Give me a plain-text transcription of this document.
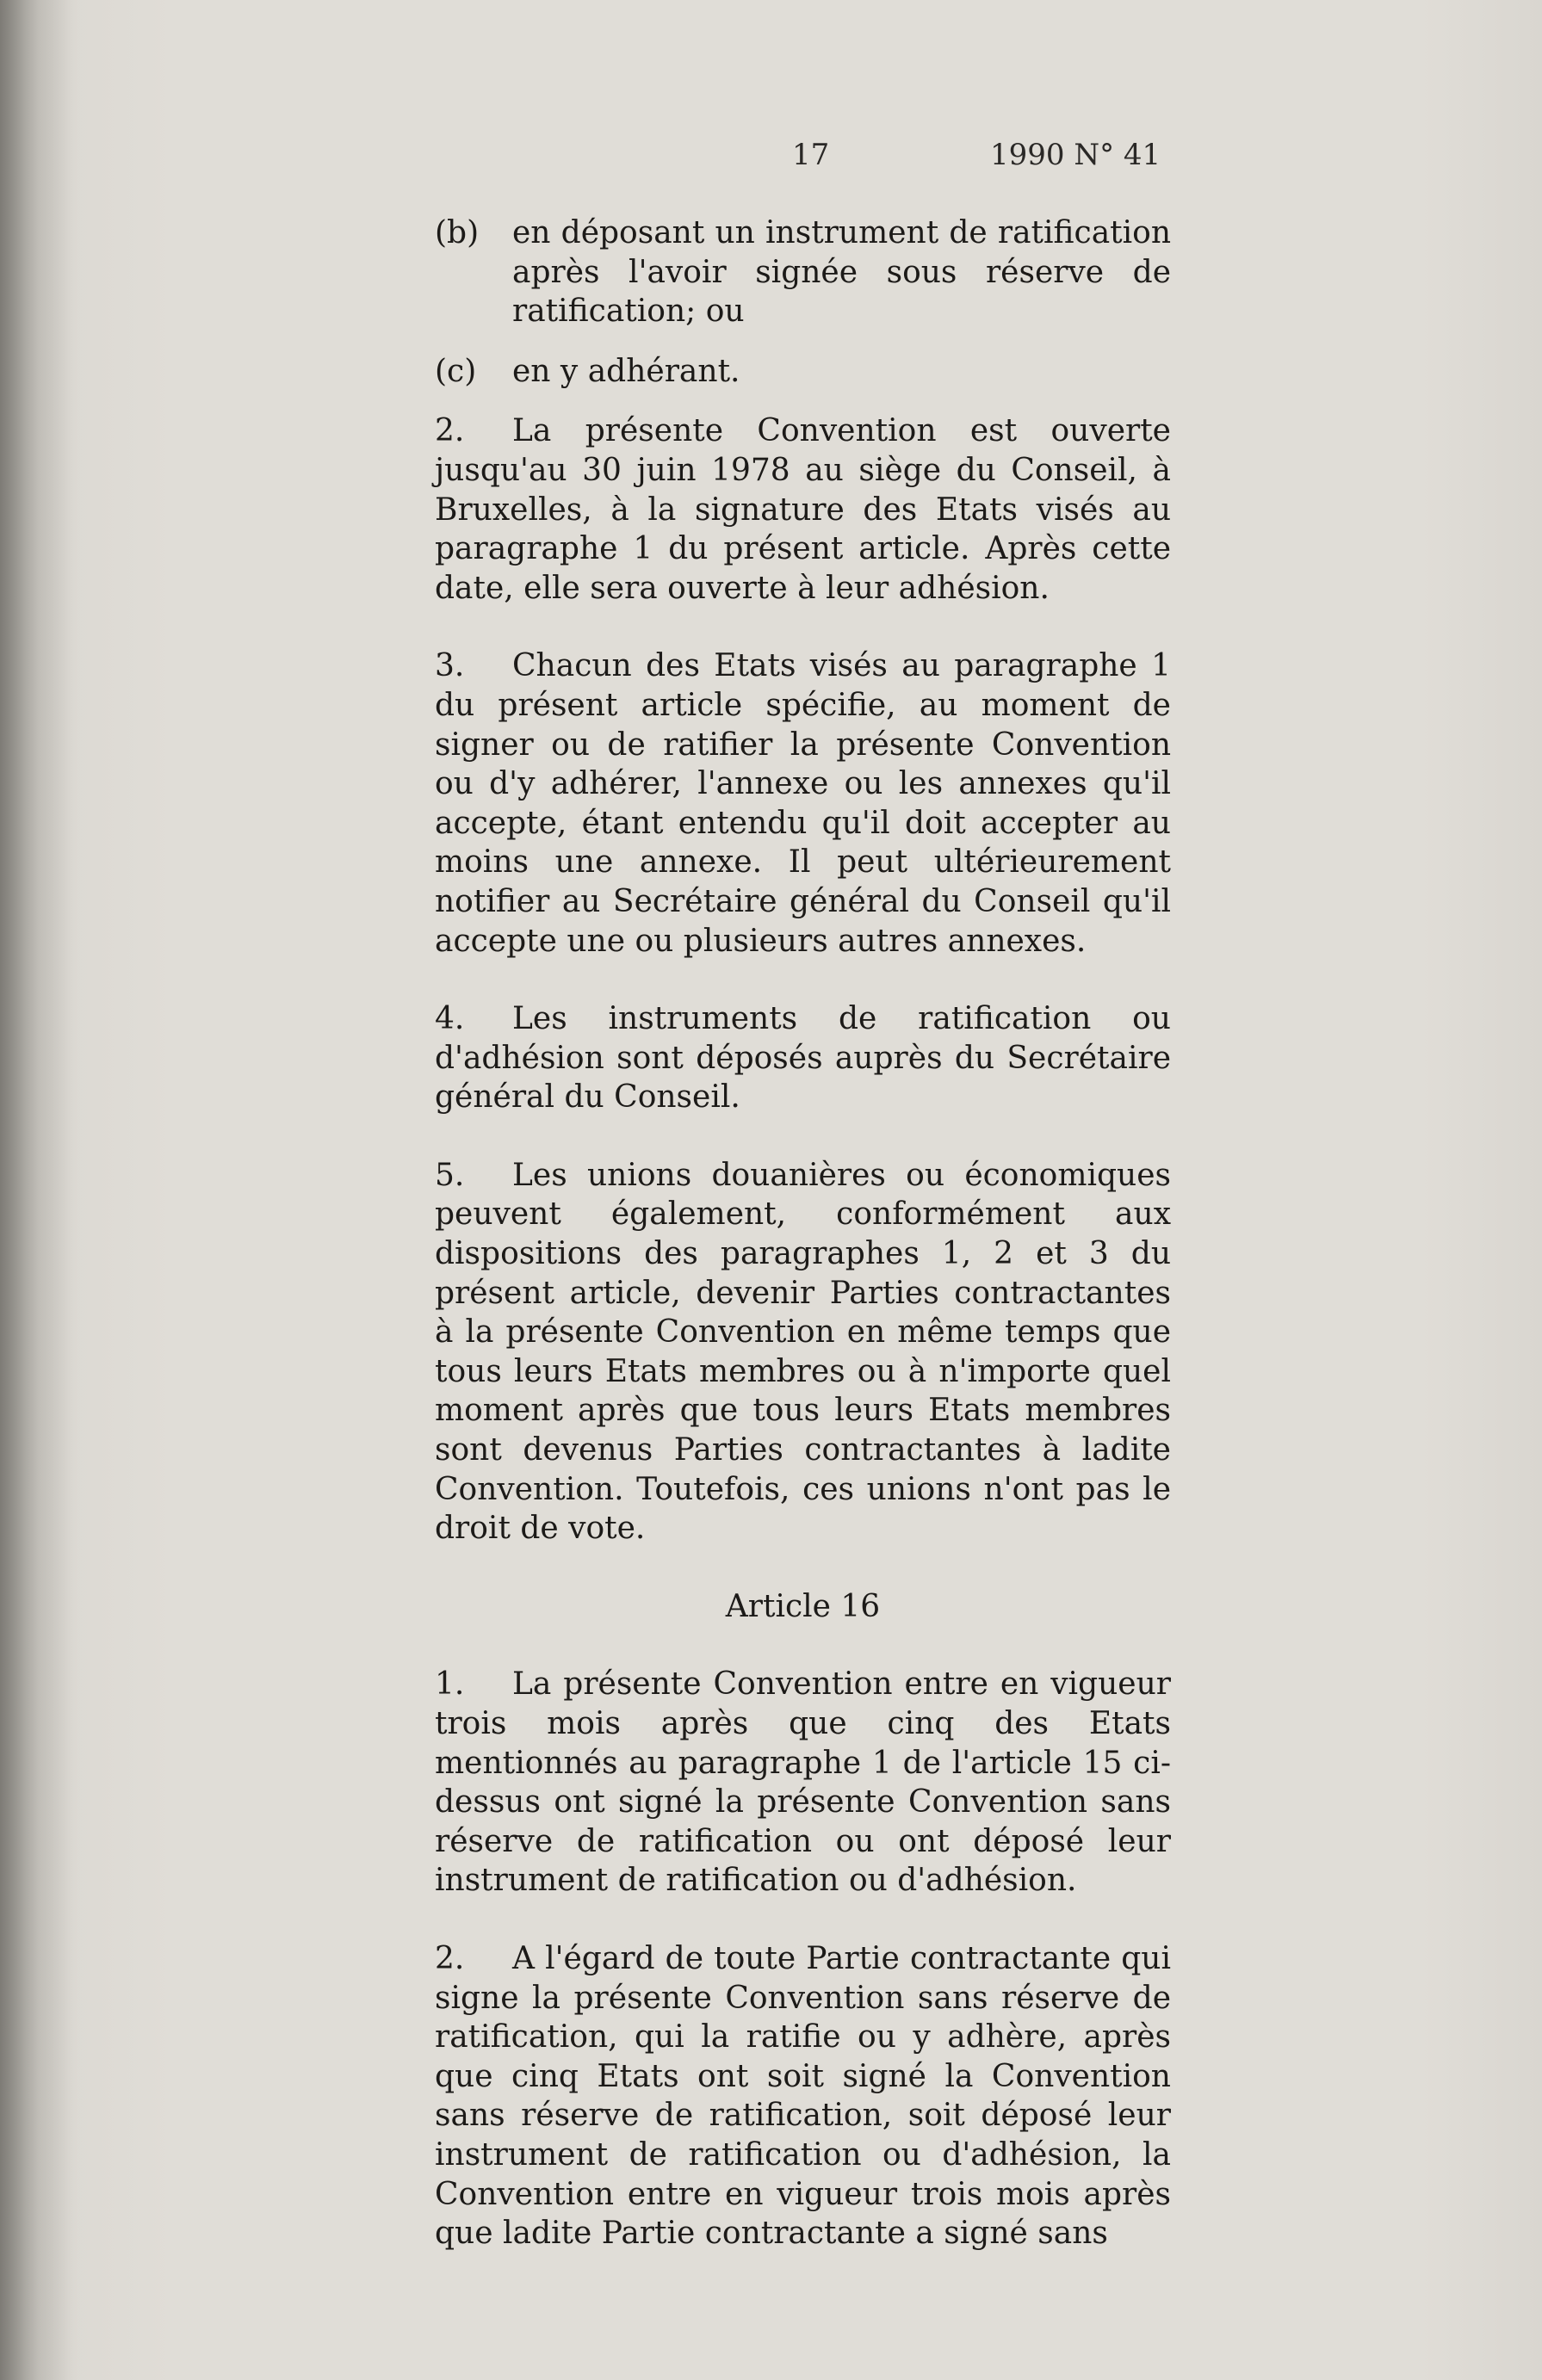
17	1990 N° 41
(b)	en déposant un instrument de ratification après l'avoir signée sous réserve de ratification; ou
(c)	en y adhérant.
2. La présente Convention est ouverte jusqu'au 30 juin 1978 au siège du Conseil, à Bruxelles, à la signature des Etats visés au paragraphe 1 du présent article. Après cette date, elle sera ouverte à leur adhésion.
3. Chacun des Etats visés au paragraphe 1 du présent article spécifie, au moment de signer ou de ratifier la présente Convention ou d'y adhérer, l'annexe ou les annexes qu'il accepte, étant entendu qu'il doit accepter au moins une annexe. Il peut ultérieurement notifier au Secrétaire général du Conseil qu'il accepte une ou plusieurs autres annexes.
4. Les instruments de ratification ou d'adhésion sont déposés auprès du Secrétaire général du Conseil.
5. Les unions douanières ou économiques peuvent également, conformément aux dispositions des paragraphes 1, 2 et 3 du présent article, devenir Parties contractantes à la présente Convention en même temps que tous leurs Etats membres ou à n'importe quel moment après que tous leurs Etats membres sont devenus Parties contractantes à ladite Convention. Toutefois, ces unions n'ont pas le droit de vote.
Article 16
1. La présente Convention entre en vigueur trois mois après que cinq des Etats mentionnés au paragraphe 1 de l'article 15 ci-dessus ont signé la présente Convention sans réserve de ratification ou ont déposé leur instrument de ratification ou d'adhésion.
2. A l'égard de toute Partie contractante qui signe la présente Convention sans réserve de ratification, qui la ratifie ou y adhère, après que cinq Etats ont soit signé la Convention sans réserve de ratification, soit déposé leur instrument de ratification ou d'adhésion, la Convention entre en vigueur trois mois après que ladite Partie contractante a signé sans
